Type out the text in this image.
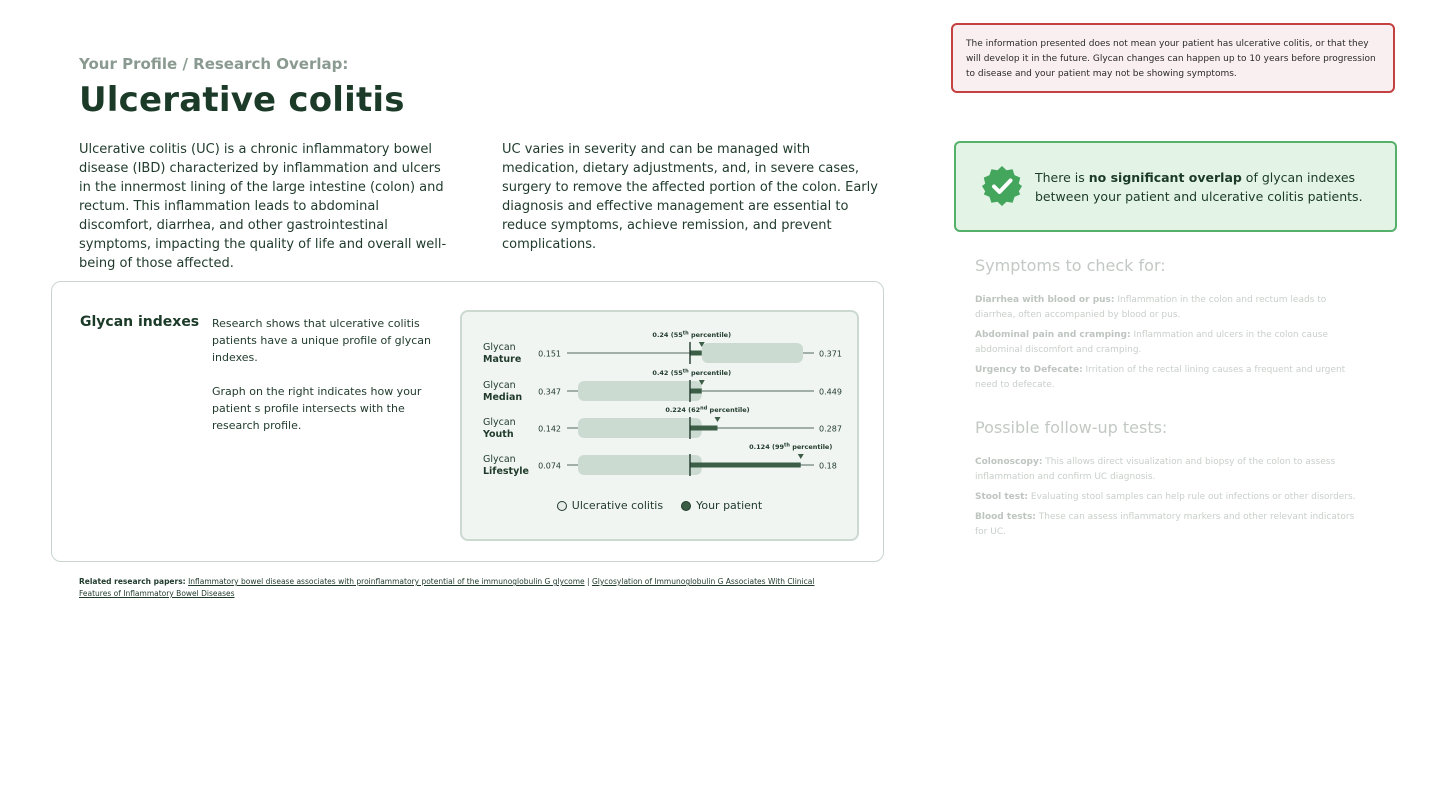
Your Profile / Research Overlap:
Ulcerative colitis

Ulcerative colitis (UC) is a chronic inflammatory bowel disease (IBD) characterized by inflammation and ulcers in the innermost lining of the large intestine (colon) and rectum. This inflammation leads to abdominal discomfort, diarrhea, and other gastrointestinal symptoms, impacting the quality of life and overall well-being of those affected.

UC varies in severity and can be managed with medication, dietary adjustments, and, in severe cases, surgery to remove the affected portion of the colon. Early diagnosis and effective management are essential to reduce symptoms, achieve remission, and prevent complications.

Glycan indexes Research shows that ulcerative colitis patients have a unique profile of glycan indexes.

Graph on the right indicates how your patient s profile intersects with the research profile.

Glycan
Mature 0.151	0.371
0.24 (55th percentile)
Glycan
Median 0.347	0.449
0.42 (55th percentile)
Glycan
Youth	0.142	0.287
0.224 (62nd percentile)
Glycan
Lifestyle 0.074	0.18
0.124 (99th percentile)
Ulcerative colitis	Your patient
Related research papers: Inflammatory bowel disease associates with proinflammatory potential of the immunoglobulin G glycome | Glycosylation of Immunoglobulin G Associates With Clinical Features of Inflammatory Bowel Diseases
The information presented does not mean your patient has ulcerative colitis, or that they will develop it in the future. Glycan changes can happen up to 10 years before progression to disease and your patient may not be showing symptoms.
There is no significant overlap of glycan indexes between your patient and ulcerative colitis patients.
Symptoms to check for:
Diarrhea with blood or pus: Inflammation in the colon and rectum leads to diarrhea, often accompanied by blood or pus.
Abdominal pain and cramping: Inflammation and ulcers in the colon cause abdominal discomfort and cramping.
Urgency to Defecate: Irritation of the rectal lining causes a frequent and urgent need to defecate.
Possible follow-up tests:
Colonoscopy: This allows direct visualization and biopsy of the colon to assess inflammation and confirm UC diagnosis.
Stool test: Evaluating stool samples can help rule out infections or other disorders.
Blood tests: These can assess inflammatory markers and other relevant indicators for UC.
